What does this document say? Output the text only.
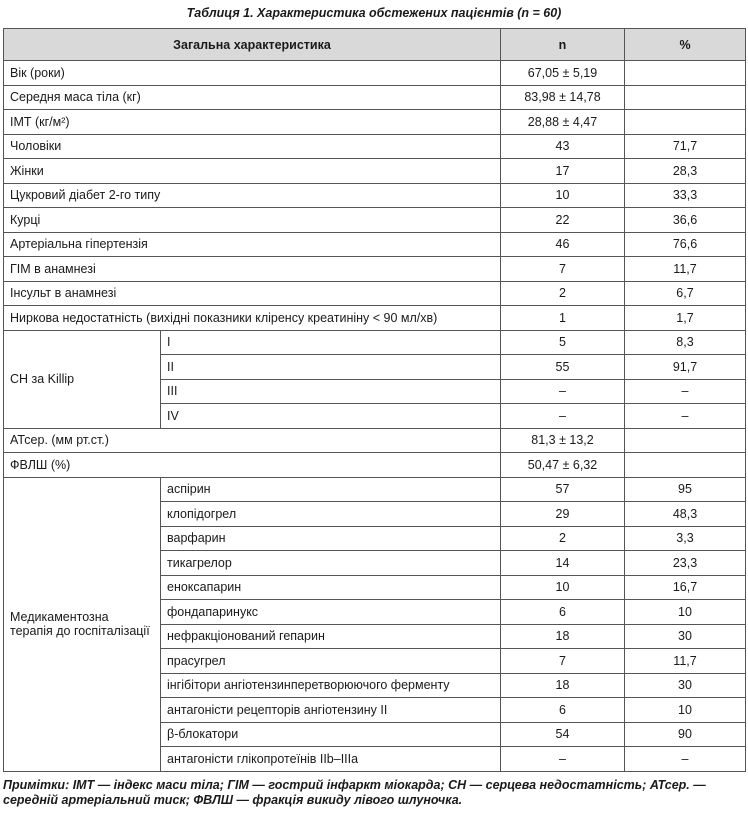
Таблиця 1. Характеристика обстежених пацієнтів (n = 60)
Загальна характеристика		n	%
Вік (роки)		67,05 ± 5,19	
Середня маса тіла (кг)		83,98 ± 14,78	
ІМТ (кг/м²)		28,88 ± 4,47	
Чоловіки		43	71,7
Жінки		17	28,3
Цукровий діабет 2-го типу		10	33,3
Курці		22	36,6
Артеріальна гіпертензія		46	76,6
ГІМ в анамнезі		7	11,7
Інсульт в анамнезі		2	6,7
Ниркова недостатність (вихідні показники кліренсу креатиніну < 90 мл/хв)		1	1,7
СН за Killip	I	5	8,3
	II	55	91,7
	III	–	–
	IV	–	–
АТсер. (мм рт.ст.)		81,3 ± 13,2	
ФВЛШ (%)		50,47 ± 6,32	
Медикаментозна терапія до госпіталізації	аспірин	57	95
	клопідогрел	29	48,3
	варфарин	2	3,3
	тикагрелор	14	23,3
	еноксапарин	10	16,7
	фондапаринукс	6	10
	нефракціонований гепарин	18	30
	прасугрел	7	11,7
	інгібітори ангіотензинперетворюючого ферменту	18	30
	антагоністи рецепторів ангіотензину ІІ	6	10
	β-блокатори	54	90
	антагоністи глікопротеїнів IIb–IIIa	–	–
Примітки: ІМТ — індекс маси тіла; ГІМ — гострий інфаркт міокарда; СН — серцева недостатність; АТсер. — середній артеріальний тиск; ФВЛШ — фракція викиду лівого шлуночка.
